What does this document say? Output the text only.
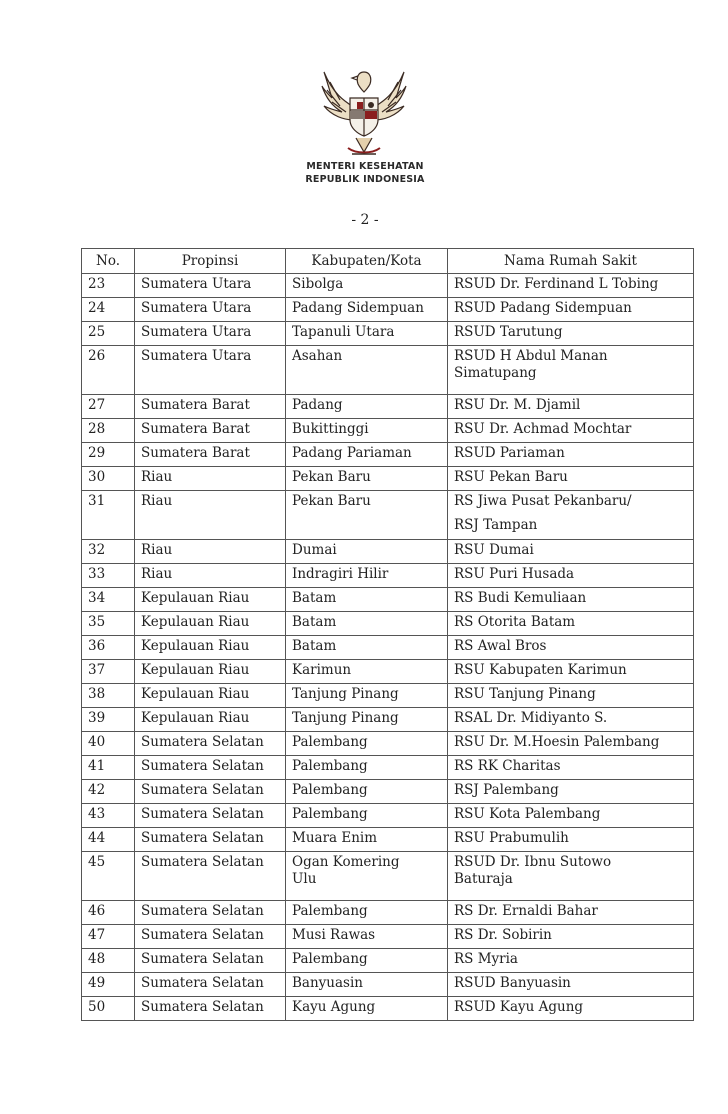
MENTERI KESEHATAN
REPUBLIK INDONESIA
- 2 -
No.	Propinsi	Kabupaten/Kota	Nama Rumah Sakit

23	Sumatera Utara	Sibolga	RSUD Dr. Ferdinand L Tobing

24	Sumatera Utara	Padang Sidempuan	RSUD Padang Sidempuan

25	Sumatera Utara	Tapanuli Utara	RSUD Tarutung

26	Sumatera Utara	Asahan	RSUD H Abdul Manan
Simatupang

27	Sumatera Barat	Padang	RSU Dr. M. Djamil

28	Sumatera Barat	Bukittinggi	RSU Dr. Achmad Mochtar

29	Sumatera Barat	Padang Pariaman	RSUD Pariaman

30	Riau	Pekan Baru	RSU Pekan Baru

31	Riau	Pekan Baru	RS Jiwa Pusat Pekanbaru/
RSJ Tampan

32	Riau	Dumai	RSU Dumai

33	Riau	Indragiri Hilir	RSU Puri Husada

34	Kepulauan Riau	Batam	RS Budi Kemuliaan

35	Kepulauan Riau	Batam	RS Otorita Batam

36	Kepulauan Riau	Batam	RS Awal Bros

37	Kepulauan Riau	Karimun	RSU Kabupaten Karimun

38	Kepulauan Riau	Tanjung Pinang	RSU Tanjung Pinang

39	Kepulauan Riau	Tanjung Pinang	RSAL Dr. Midiyanto S.

40	Sumatera Selatan	Palembang	RSU Dr. M.Hoesin Palembang

41	Sumatera Selatan	Palembang	RS RK Charitas

42	Sumatera Selatan	Palembang	RSJ Palembang

43	Sumatera Selatan	Palembang	RSU Kota Palembang

44	Sumatera Selatan	Muara Enim	RSU Prabumulih

45	Sumatera Selatan	Ogan Komering
Ulu	RSUD Dr. Ibnu Sutowo
Baturaja

46	Sumatera Selatan	Palembang	RS Dr. Ernaldi Bahar

47	Sumatera Selatan	Musi Rawas	RS Dr. Sobirin

48	Sumatera Selatan	Palembang	RS Myria

49	Sumatera Selatan	Banyuasin	RSUD Banyuasin

50	Sumatera Selatan	Kayu Agung	RSUD Kayu Agung
